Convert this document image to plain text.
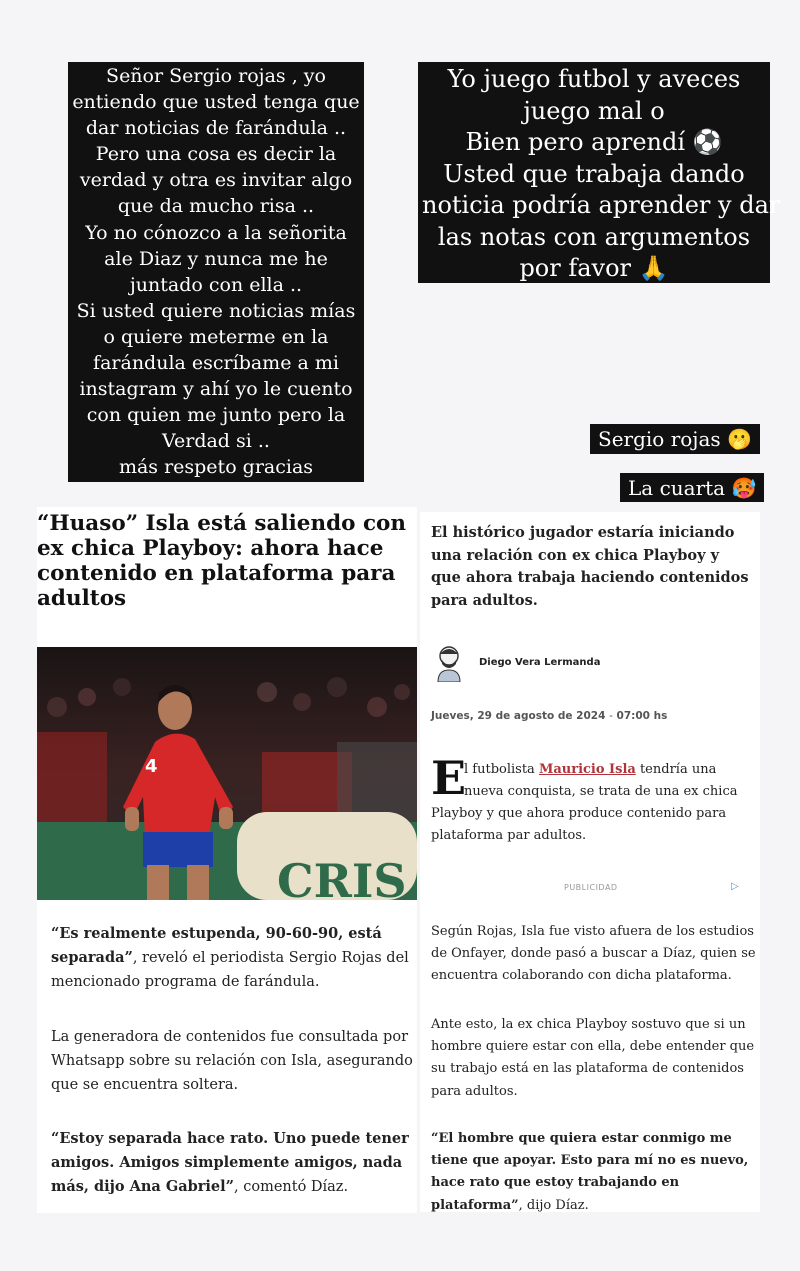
Señor Sergio rojas , yo
entiendo que usted tenga que
dar noticias de farándula ..
Pero una cosa es decir la
verdad y otra es invitar algo
que da mucho risa ..
Yo no cónozco a la señorita
ale Diaz y nunca me he
juntado con ella ..
Si usted quiere noticias mías
o quiere meterme en la
farándula escríbame a mi
instagram y ahí yo le cuento
con quien me junto pero la
Verdad si ..
más respeto gracias
Yo juego futbol y aveces
juego mal o
Bien pero aprendí ⚽
Usted que trabaja dando
noticia podría aprender y dar
las notas con argumentos
por favor 🙏
Sergio rojas 🫢
La cuarta 🥵
“Huaso” Isla está saliendo con ex chica Playboy: ahora hace contenido en plataforma para adultos
CRIS
4

“Es realmente estupenda, 90-60-90, está separada”, reveló el periodista Sergio Rojas del mencionado programa de farándula.

La generadora de contenidos fue consultada por Whatsapp sobre su relación con Isla, asegurando que se encuentra soltera.

“Estoy separada hace rato. Uno puede tener amigos. Amigos simplemente amigos, nada más, dijo Ana Gabriel”, comentó Díaz.

El histórico jugador estaría iniciando una relación con ex chica Playboy y que ahora trabaja haciendo contenidos para adultos.

Diego Vera Lermanda
Jueves, 29 de agosto de 2024 - 07:00 hs
E
l futbolista Mauricio Isla tendría una
nueva conquista, se trata de una ex chica
Playboy y que ahora produce contenido para
plataforma par adultos.
PUBLICIDAD	▷

Según Rojas, Isla fue visto afuera de los estudios de Onfayer, donde pasó a buscar a Díaz, quien se encuentra colaborando con dicha plataforma.

Ante esto, la ex chica Playboy sostuvo que si un hombre quiere estar con ella, debe entender que su trabajo está en las plataforma de contenidos para adultos.

“El hombre que quiera estar conmigo me tiene que apoyar. Esto para mí no es nuevo, hace rato que estoy trabajando en plataforma”, dijo Díaz.
